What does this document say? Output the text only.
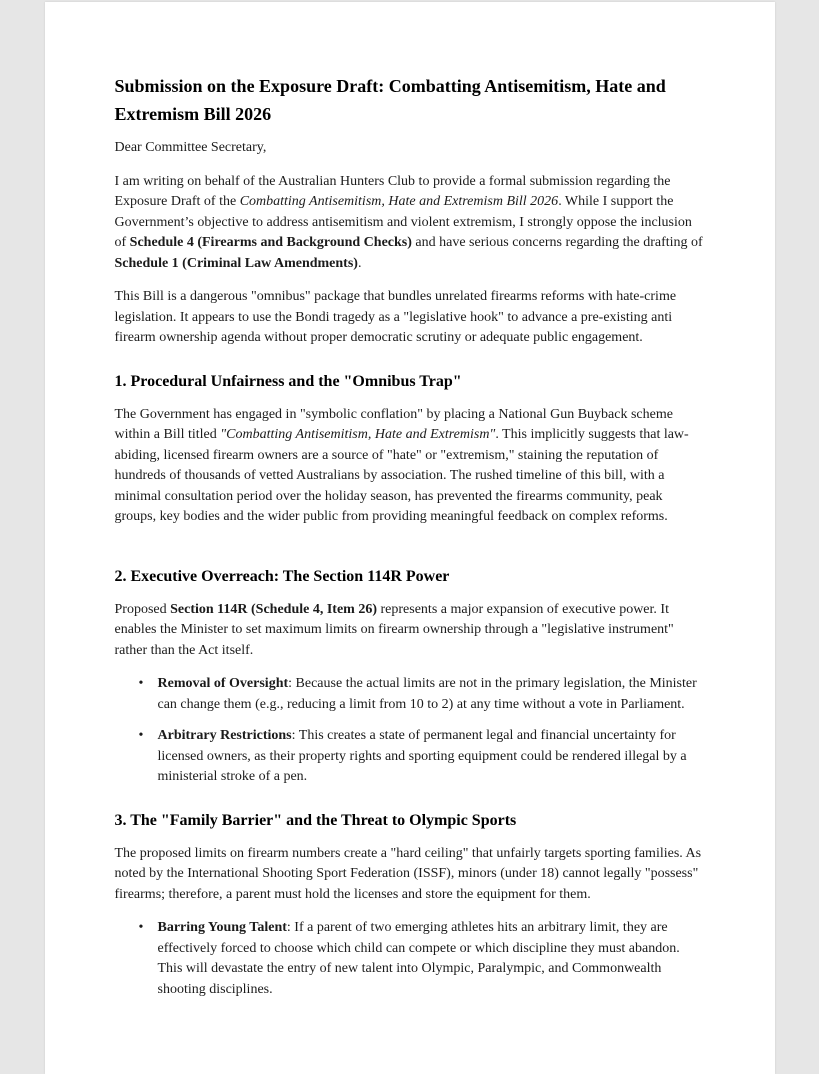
Submission on the Exposure Draft: Combatting Antisemitism, Hate and Extremism Bill 2026

Dear Committee Secretary,

I am writing on behalf of the Australian Hunters Club to provide a formal submission regarding the Exposure Draft of the Combatting Antisemitism, Hate and Extremism Bill 2026. While I support the Government’s objective to address antisemitism and violent extremism, I strongly oppose the inclusion of Schedule 4 (Firearms and Background Checks) and have serious concerns regarding the drafting of Schedule 1 (Criminal Law Amendments).

This Bill is a dangerous "omnibus" package that bundles unrelated firearms reforms with hate-crime legislation. It appears to use the Bondi tragedy as a "legislative hook" to advance a pre-existing anti firearm ownership agenda without proper democratic scrutiny or adequate public engagement.

1. Procedural Unfairness and the "Omnibus Trap"

The Government has engaged in "symbolic conflation" by placing a National Gun Buyback scheme within a Bill titled "Combatting Antisemitism, Hate and Extremism". This implicitly suggests that law-abiding, licensed firearm owners are a source of "hate" or "extremism," staining the reputation of hundreds of thousands of vetted Australians by association. The rushed timeline of this bill, with a minimal consultation period over the holiday season, has prevented the firearms community, peak groups, key bodies and the wider public from providing meaningful feedback on complex reforms.

2. Executive Overreach: The Section 114R Power

Proposed Section 114R (Schedule 4, Item 26) represents a major expansion of executive power. It enables the Minister to set maximum limits on firearm ownership through a "legislative instrument" rather than the Act itself.

• Removal of Oversight: Because the actual limits are not in the primary legislation, the Minister can change them (e.g., reducing a limit from 10 to 2) at any time without a vote in Parliament.
• Arbitrary Restrictions: This creates a state of permanent legal and financial uncertainty for licensed owners, as their property rights and sporting equipment could be rendered illegal by a ministerial stroke of a pen.
3. The "Family Barrier" and the Threat to Olympic Sports

The proposed limits on firearm numbers create a "hard ceiling" that unfairly targets sporting families. As noted by the International Shooting Sport Federation (ISSF), minors (under 18) cannot legally "possess" firearms; therefore, a parent must hold the licenses and store the equipment for them.

• Barring Young Talent: If a parent of two emerging athletes hits an arbitrary limit, they are effectively forced to choose which child can compete or which discipline they must abandon. This will devastate the entry of new talent into Olympic, Paralympic, and Commonwealth shooting disciplines.
